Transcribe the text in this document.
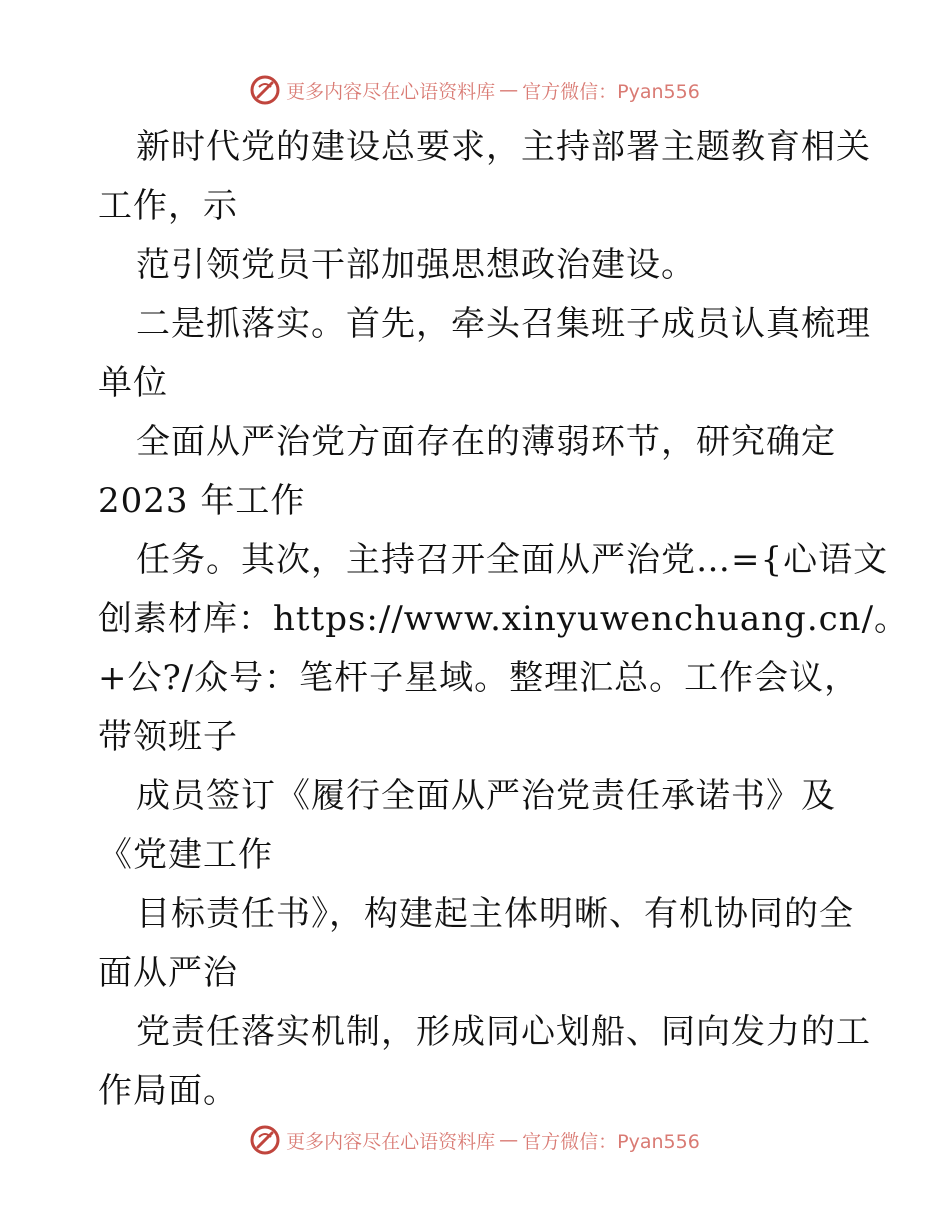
更多内容尽在心语资料库 — 官方微信：Pyan556
新时代党的建设总要求，主持部署主题教育相关
工作，示
范引领党员干部加强思想政治建设。
二是抓落实。首先，牵头召集班子成员认真梳理
单位
全面从严治党方面存在的薄弱环节，研究确定
2023 年工作
任务。其次，主持召开全面从严治党…={心语文
创素材库：https://www.xinyuwenchuang.cn/。
+公?/众号：笔杆子星域。整理汇总。工作会议，
带领班子
成员签订《履行全面从严治党责任承诺书》及
《党建工作
目标责任书》，构建起主体明晰、有机协同的全
面从严治
党责任落实机制，形成同心划船、同向发力的工
作局面。
更多内容尽在心语资料库 — 官方微信：Pyan556
